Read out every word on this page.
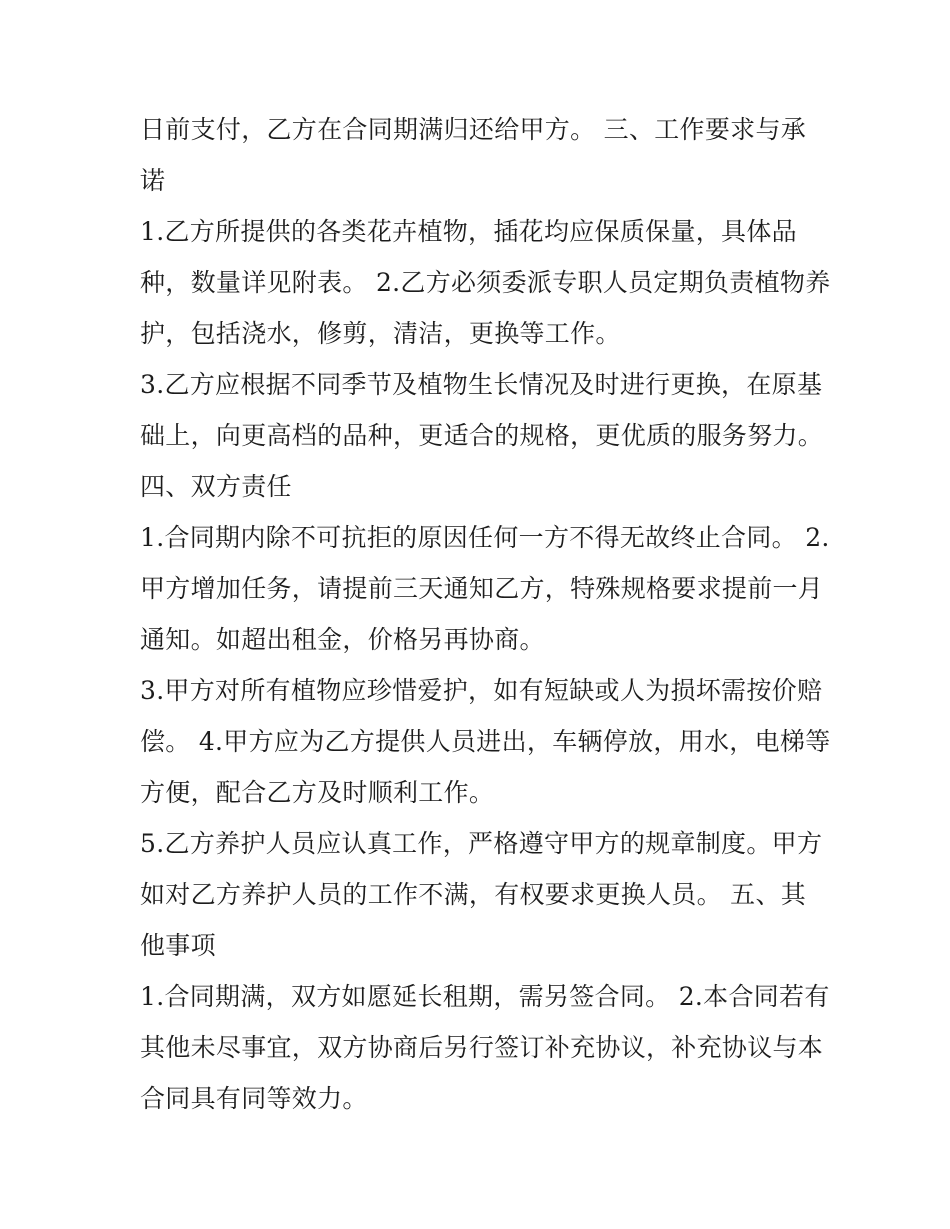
日前支付，乙方在合同期满归还给甲方。 三、工作要求与承
诺
1.乙方所提供的各类花卉植物，插花均应保质保量，具体品
种，数量详见附表。 2.乙方必须委派专职人员定期负责植物养
护，包括浇水，修剪，清洁，更换等工作。
3.乙方应根据不同季节及植物生长情况及时进行更换，在原基
础上，向更高档的品种，更适合的规格，更优质的服务努力。
四、双方责任
1.合同期内除不可抗拒的原因任何一方不得无故终止合同。 2.
甲方增加任务，请提前三天通知乙方，特殊规格要求提前一月
通知。如超出租金，价格另再协商。
3.甲方对所有植物应珍惜爱护，如有短缺或人为损坏需按价赔
偿。 4.甲方应为乙方提供人员进出，车辆停放，用水，电梯等
方便，配合乙方及时顺利工作。
5.乙方养护人员应认真工作，严格遵守甲方的规章制度。甲方
如对乙方养护人员的工作不满，有权要求更换人员。 五、其
他事项
1.合同期满，双方如愿延长租期，需另签合同。 2.本合同若有
其他未尽事宜，双方协商后另行签订补充协议，补充协议与本
合同具有同等效力。
